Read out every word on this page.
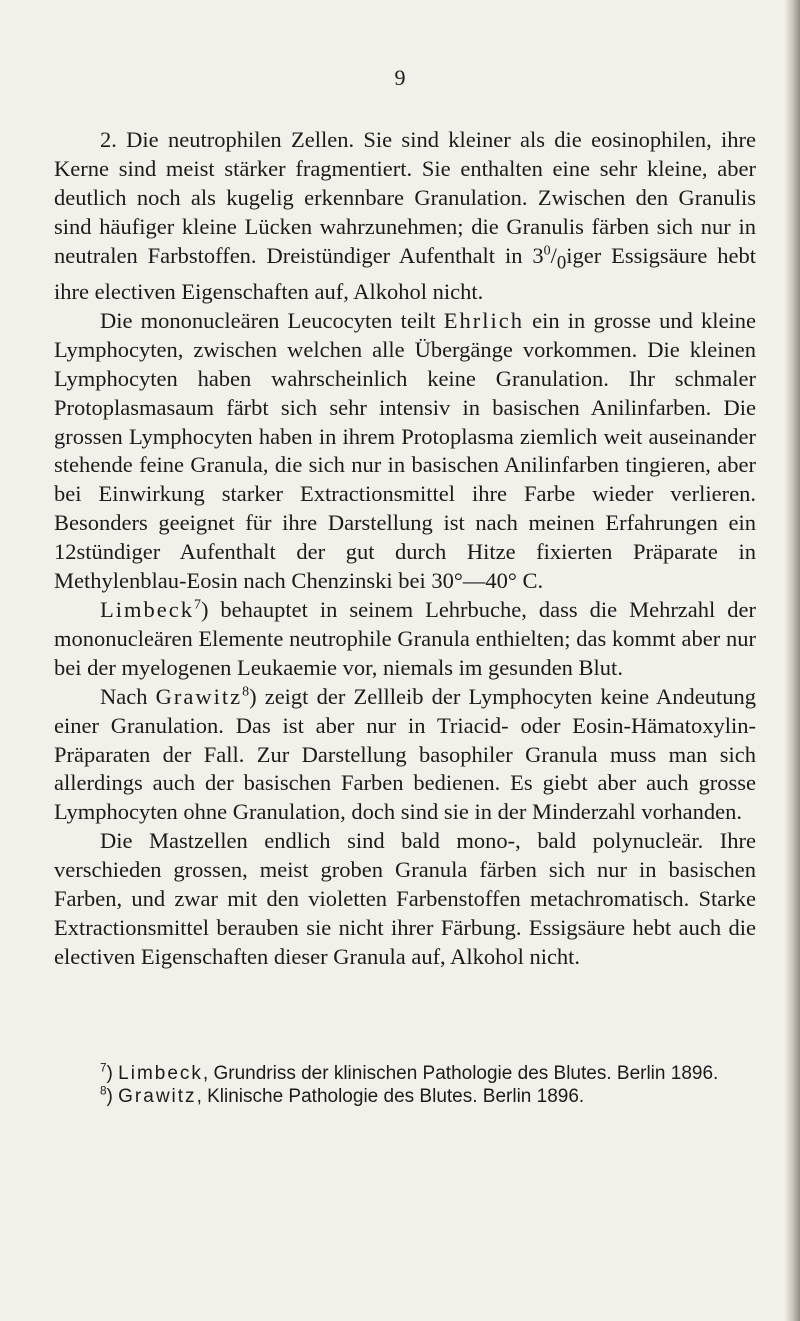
9

2. Die neutrophilen Zellen. Sie sind kleiner als die eosinophilen, ihre Kerne sind meist stärker fragmentiert. Sie enthalten eine sehr kleine, aber deutlich noch als kugelig erkennbare Granulation. Zwischen den Granulis sind häufiger kleine Lücken wahrzunehmen; die Granulis färben sich nur in neutralen Farbstoffen. Dreistündiger Aufenthalt in $3^0/_0iger$ Essigsäure hebt ihre electiven Eigenschaften auf, Alkohol nicht.

Die mononucleären Leucocyten teilt Ehrlich ein in grosse und kleine Lymphocyten, zwischen welchen alle Übergänge vorkommen. Die kleinen Lymphocyten haben wahrscheinlich keine Granulation. Ihr schmaler Protoplasmasaum färbt sich sehr intensiv in basischen Anilinfarben. Die grossen Lymphocyten haben in ihrem Protoplasma ziemlich weit auseinander stehende feine Granula, die sich nur in basischen Anilinfarben tingieren, aber bei Einwirkung starker Extractionsmittel ihre Farbe wieder verlieren. Besonders geeignet für ihre Darstellung ist nach meinen Erfahrungen ein 12stündiger Aufenthalt der gut durch Hitze fixierten Präparate in Methylenblau-Eosin nach Chenzinski bei 30°—40° C.

Limbeck$^7$) behauptet in seinem Lehrbuche, dass die Mehrzahl der mononucleären Elemente neutrophile Granula enthielten; das kommt aber nur bei der myelogenen Leukaemie vor, niemals im gesunden Blut.

Nach Grawitz$^8$) zeigt der Zellleib der Lymphocyten keine Andeutung einer Granulation. Das ist aber nur in Triacid- oder Eosin-Hämatoxylin-Präparaten der Fall. Zur Darstellung basophiler Granula muss man sich allerdings auch der basischen Farben bedienen. Es giebt aber auch grosse Lymphocyten ohne Granulation, doch sind sie in der Minderzahl vorhanden.

Die Mastzellen endlich sind bald mono-, bald polynucleär. Ihre verschieden grossen, meist groben Granula färben sich nur in basischen Farben, und zwar mit den violetten Farbenstoffen metachromatisch. Starke Extractionsmittel berauben sie nicht ihrer Färbung. Essigsäure hebt auch die electiven Eigenschaften dieser Granula auf, Alkohol nicht.

$^7$) Limbeck, Grundriss der klinischen Pathologie des Blutes. Berlin 1896.

$^8$) Grawitz, Klinische Pathologie des Blutes. Berlin 1896.
